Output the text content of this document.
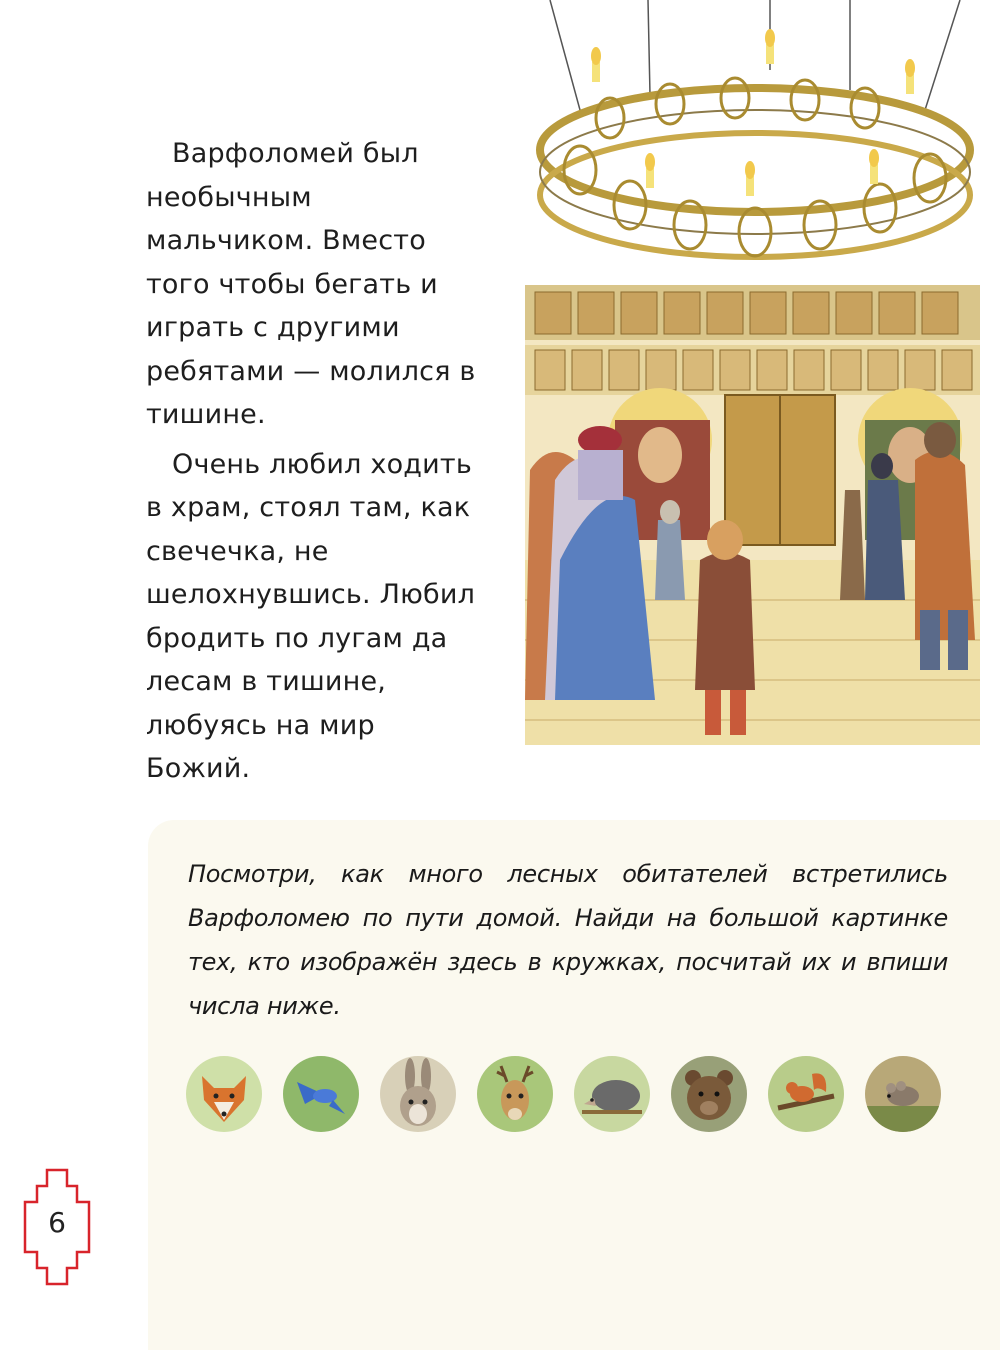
Варфоломей был необычным мальчиком. Вместо того чтобы бегать и играть с другими ребятами — молился в тишине.

Очень любил ходить в храм, стоял там, как свечечка, не шелохнувшись. Любил бродить по лугам да лесам в тишине, любуясь на мир Божий.

Посмотри, как много лесных обитателей встретились Варфоломею по пути домой. Найди на большой картинке тех, кто изображён здесь в кружках, посчитай их и впиши числа ниже.
6
